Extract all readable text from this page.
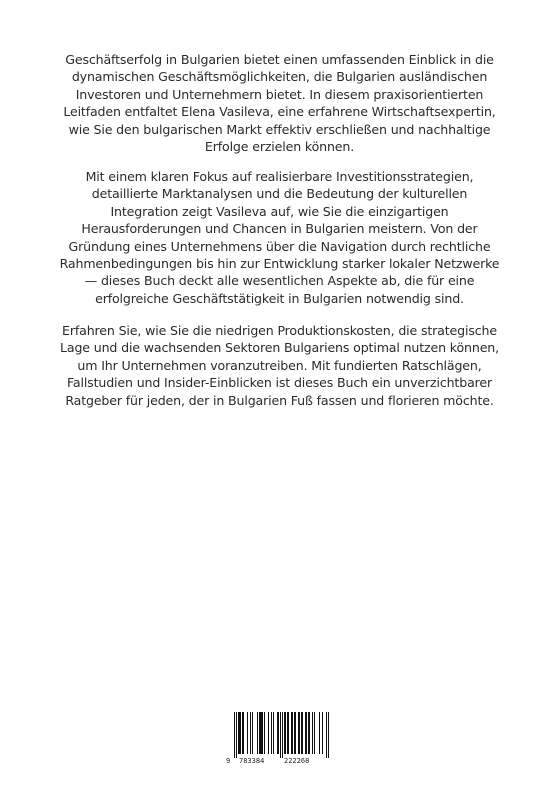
Geschäftserfolg in Bulgarien bietet einen umfassenden Einblick in die dynamischen Geschäftsmöglichkeiten, die Bulgarien ausländischen Investoren und Unternehmern bietet. In diesem praxisorientierten Leitfaden entfaltet Elena Vasileva, eine erfahrene Wirtschaftsexpertin, wie Sie den bulgarischen Markt effektiv erschließen und nachhaltige Erfolge erzielen können.

Mit einem klaren Fokus auf realisierbare Investitionsstrategien, detaillierte Marktanalysen und die Bedeutung der kulturellen Integration zeigt Vasileva auf, wie Sie die einzigartigen Herausforderungen und Chancen in Bulgarien meistern. Von der Gründung eines Unternehmens über die Navigation durch rechtliche Rahmenbedingungen bis hin zur Entwicklung starker lokaler Netzwerke — dieses Buch deckt alle wesentlichen Aspekte ab, die für eine erfolgreiche Geschäftstätigkeit in Bulgarien notwendig sind.

Erfahren Sie, wie Sie die niedrigen Produktionskosten, die strategische Lage und die wachsenden Sektoren Bulgariens optimal nutzen können, um Ihr Unternehmen voranzutreiben. Mit fundierten Ratschlägen, Fallstudien und Insider-Einblicken ist dieses Buch ein unverzichtbarer Ratgeber für jeden, der in Bulgarien Fuß fassen und florieren möchte.

9 783384	222268
